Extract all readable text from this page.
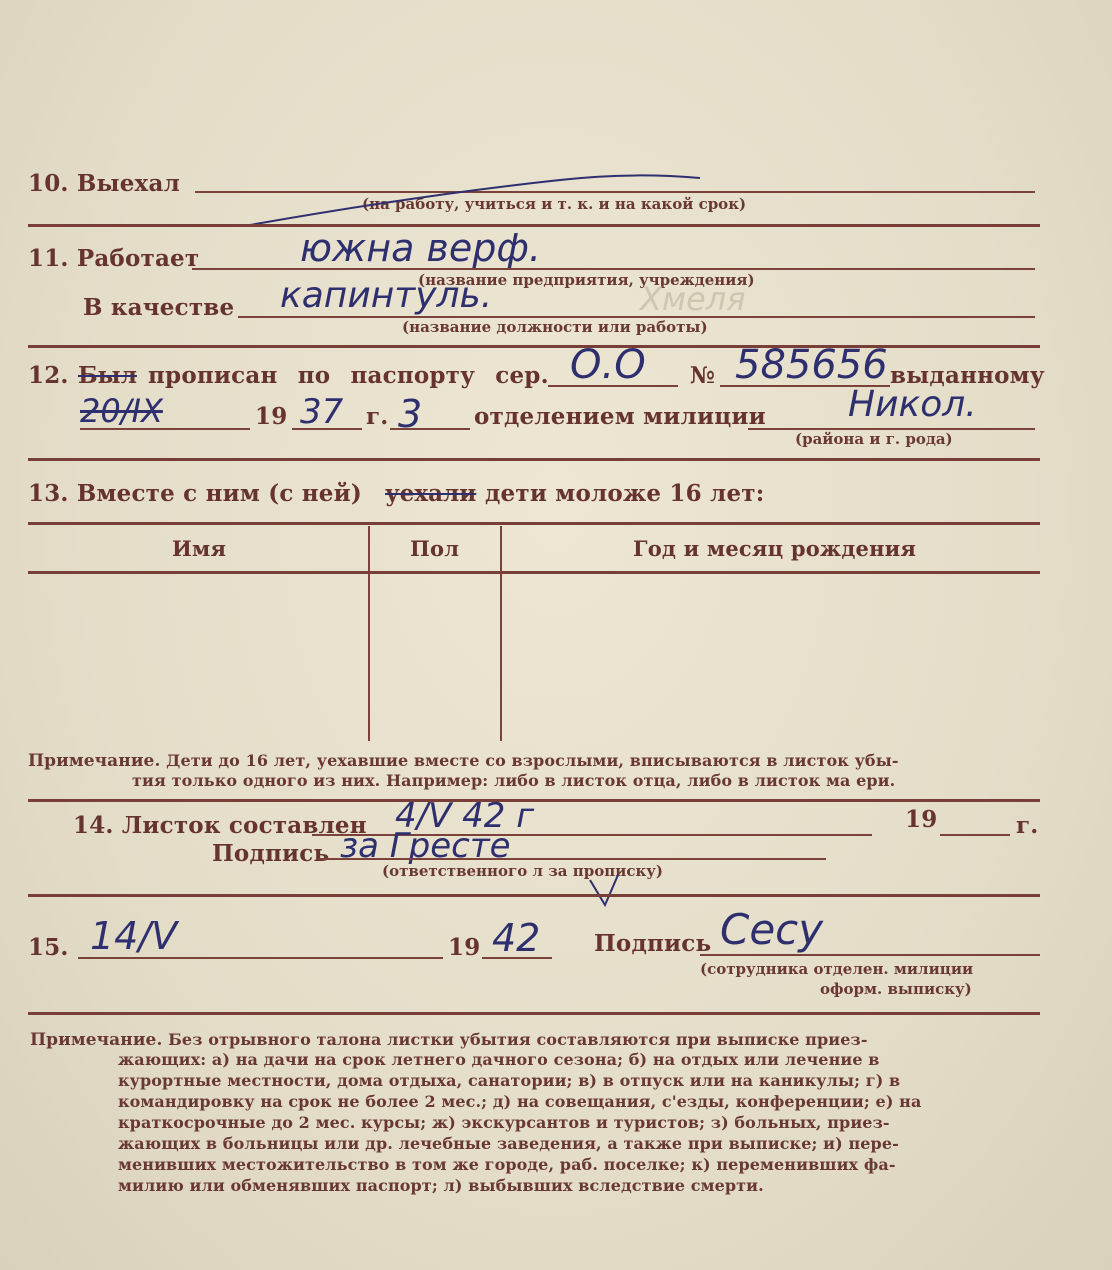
10. Выехал
(на работу, учиться и т. к. и на какой срок)
11. Работает	южна верф.
(название предприятия, учреждения)
В качестве капинтуль.	Хмеля
(название должности или работы)
12. Был прописан по паспорту сер. О.О № 585656 выданному
20/IX	19 37 г. 3 отделением милиции Никол.
(района и г. рода)
13. Вместе с ним (с ней) уехали дети моложе 16 лет:
Имя	Пол	Год и месяц рождения
Примечание. Дети до 16 лет, уехавшие вместе со взрослыми, вписываются в листок убы-
тия только одного из них. Например: либо в листок отца, либо в листок ма ери.
14. Листок составлен 4/V 42 г	19	г.
Подпись за Гресте
(ответственного л за прописку)
15. 14/V	19 42 Подпись Сесу
(сотрудника отделен. милиции
оформ. выписку)
Примечание. Без отрывного талона листки убытия составляются при выписке приез-
жающих: а) на дачи на срок летнего дачного сезона; б) на отдых или лечение в
курортные местности, дома отдыха, санатории; в) в отпуск или на каникулы; г) в
командировку на срок не более 2 мес.; д) на совещания, с'езды, конференции; е) на
краткосрочные до 2 мес. курсы; ж) экскурсантов и туристов; з) больных, приез-
жающих в больницы или др. лечебные заведения, а также при выписке; и) пере-
менивших местожительство в том же городе, раб. поселке; к) переменивших фа-
милию или обменявших паспорт; л) выбывших вследствие смерти.
